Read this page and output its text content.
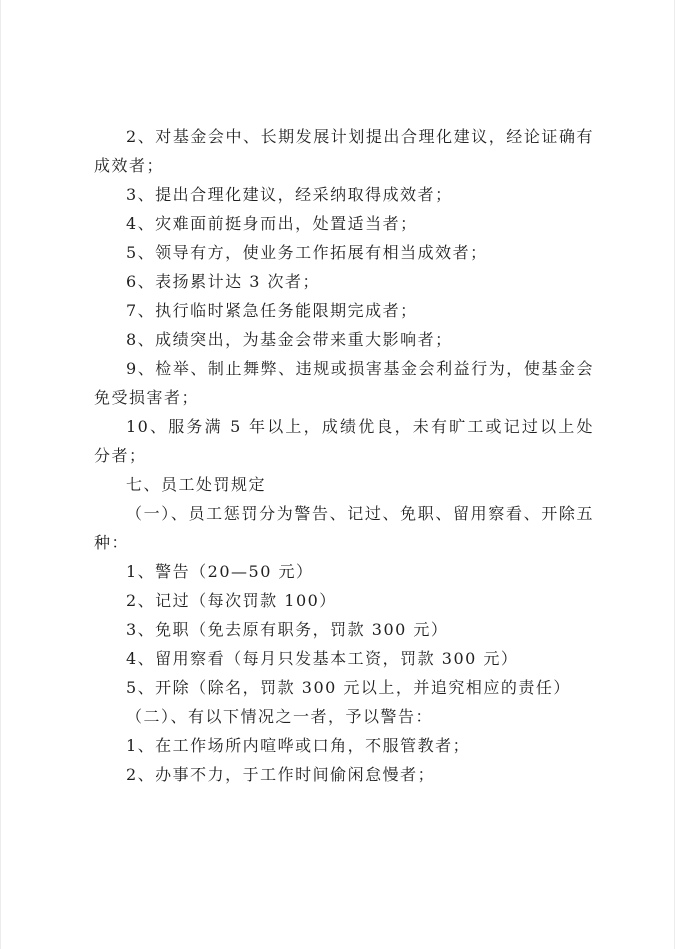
2、对基金会中、长期发展计划提出合理化建议，经论证确有成效者；

3、提出合理化建议，经采纳取得成效者；

4、灾难面前挺身而出，处置适当者；

5、领导有方，使业务工作拓展有相当成效者；

6、表扬累计达 3 次者；

7、执行临时紧急任务能限期完成者；

8、成绩突出，为基金会带来重大影响者；

9、检举、制止舞弊、违规或损害基金会利益行为，使基金会免受损害者；

10、服务满 5 年以上，成绩优良，未有旷工或记过以上处分者；

七、员工处罚规定

（一）、员工惩罚分为警告、记过、免职、留用察看、开除五种：

1、警告（20—50 元）

2、记过（每次罚款 100）

3、免职（免去原有职务，罚款 300 元）

4、留用察看（每月只发基本工资，罚款 300 元）

5、开除（除名，罚款 300 元以上，并追究相应的责任）

（二）、有以下情况之一者，予以警告：

1、在工作场所内喧哗或口角，不服管教者；

2、办事不力，于工作时间偷闲怠慢者；
